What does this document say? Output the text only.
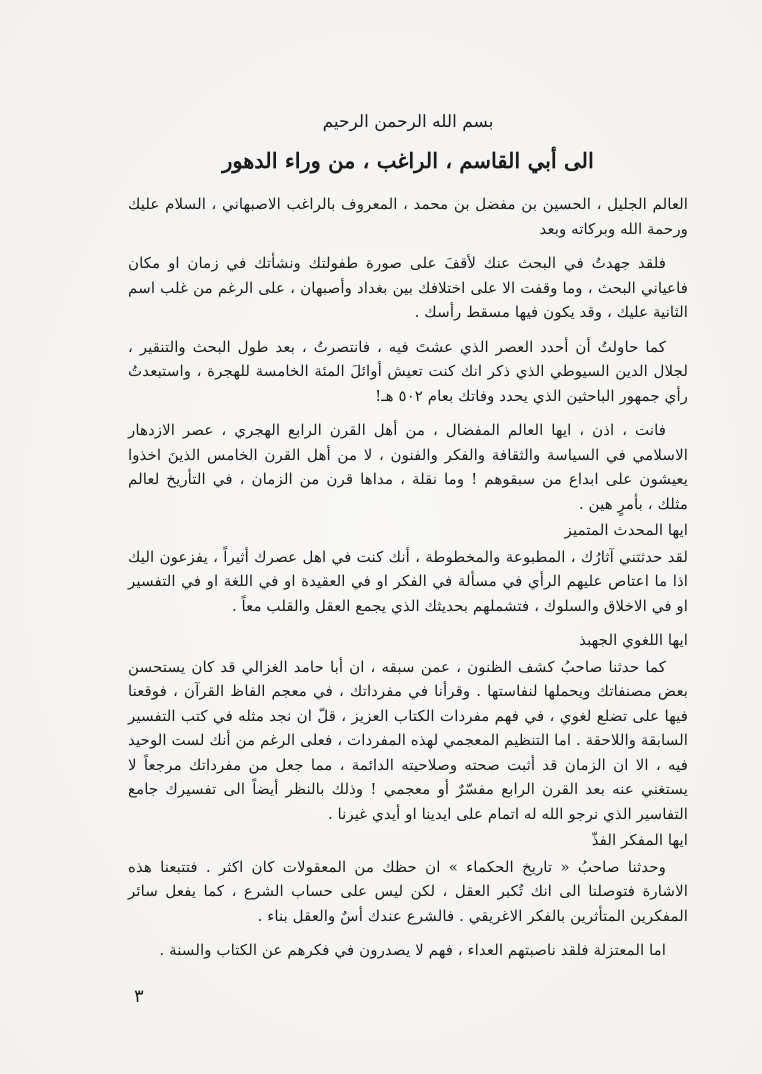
بسم الله الرحمن الرحيم
الى أبي القاسم ، الراغب ، من وراء الدهور

العالم الجليل ، الحسين بن مفضل بن محمد ، المعروف بالراغب الاصبهاني ، السلام عليك ورحمة الله وبركاته وبعد

فلقد جهدتُ في البحث عنك لأقفَ على صورة طفولتك ونشأتك في زمان او مكان فاعياني البحث ، وما وقفت الا على اختلافك بين بغداد وأصبهان ، على الرغم من غلب اسم الثانية عليك ، وقد يكون فيها مسقط رأسك .

كما حاولتُ أن أحدد العصر الذي عشتَ فيه ، فانتصرتُ ، بعد طول البحث والتنقير ، لجلال الدين السيوطي الذي ذكر انك كنت تعيش أوائلَ المئة الخامسة للهجرة ، واستبعدتُ رأي جمهور الباحثين الذي يحدد وفاتك بعام ٥٠٢ هـ!

فانت ، اذن ، ايها العالم المفضال ، من أهل القرن الرابع الهجري ، عصر الازدهار الاسلامي في السياسة والثقافة والفكر والفنون ، لا من أهل القرن الخامس الذينَ اخذوا يعيشون على ابداع من سبقوهم ! وما نقلة ، مداها قرن من الزمان ، في التأريخ لعالم مثلك ، بأمرٍ هين .

ايها المحدث المتميز

لقد حدثتني آثارُك ، المطبوعة والمخطوطة ، أنك كنت في اهل عصرك أثيراً ، يفزعون اليك اذا ما اعتاص عليهم الرأي في مسألة في الفكر او في العقيدة او في اللغة او في التفسير او في الاخلاق والسلوك ، فتشملهم بحديثك الذي يجمع العقل والقلب معاً .

ايها اللغوي الجهبذ

كما حدثنا صاحبُ كشف الظنون ، عمن سبقه ، ان أبا حامد الغزالي قد كان يستحسن بعض مصنفاتك ويحملها لنفاستها . وقرأنا في مفرداتك ، في معجم الفاظ القرآن ، فوقعنا فيها على تضلع لغوي ، في فهم مفردات الكتاب العزيز ، قلّ ان نجد مثله في كتب التفسير السابقة واللاحقة . اما التنظيم المعجمي لهذه المفردات ، فعلى الرغم من أنك لست الوحيد فيه ، الا ان الزمان قد أثبت صحته وصلاحيته الدائمة ، مما جعل من مفرداتك مرجعاً لا يستغني عنه بعد القرن الرابع مفسّرٌ أو معجمي ! وذلك بالنظر أيضاً الى تفسيرك جامع التفاسير الذي نرجو الله له اتمام على ايدينا او أيدي غيرنا .

ايها المفكر الفذّ

وحدثنا صاحبُ « تاريخ الحكماء » ان حظك من المعقولات كان اكثر . فتتبعنا هذه الاشارة فتوصلنا الى انك تُكبر العقل ، لكن ليس على حساب الشرع ، كما يفعل سائر المفكرين المتأثرين بالفكر الاغريقي . فالشرع عندك أسٌ والعقل بناء .

اما المعتزلة فلقد ناصبتهم العداء ، فهم لا يصدرون في فكرهم عن الكتاب والسنة .

٣
